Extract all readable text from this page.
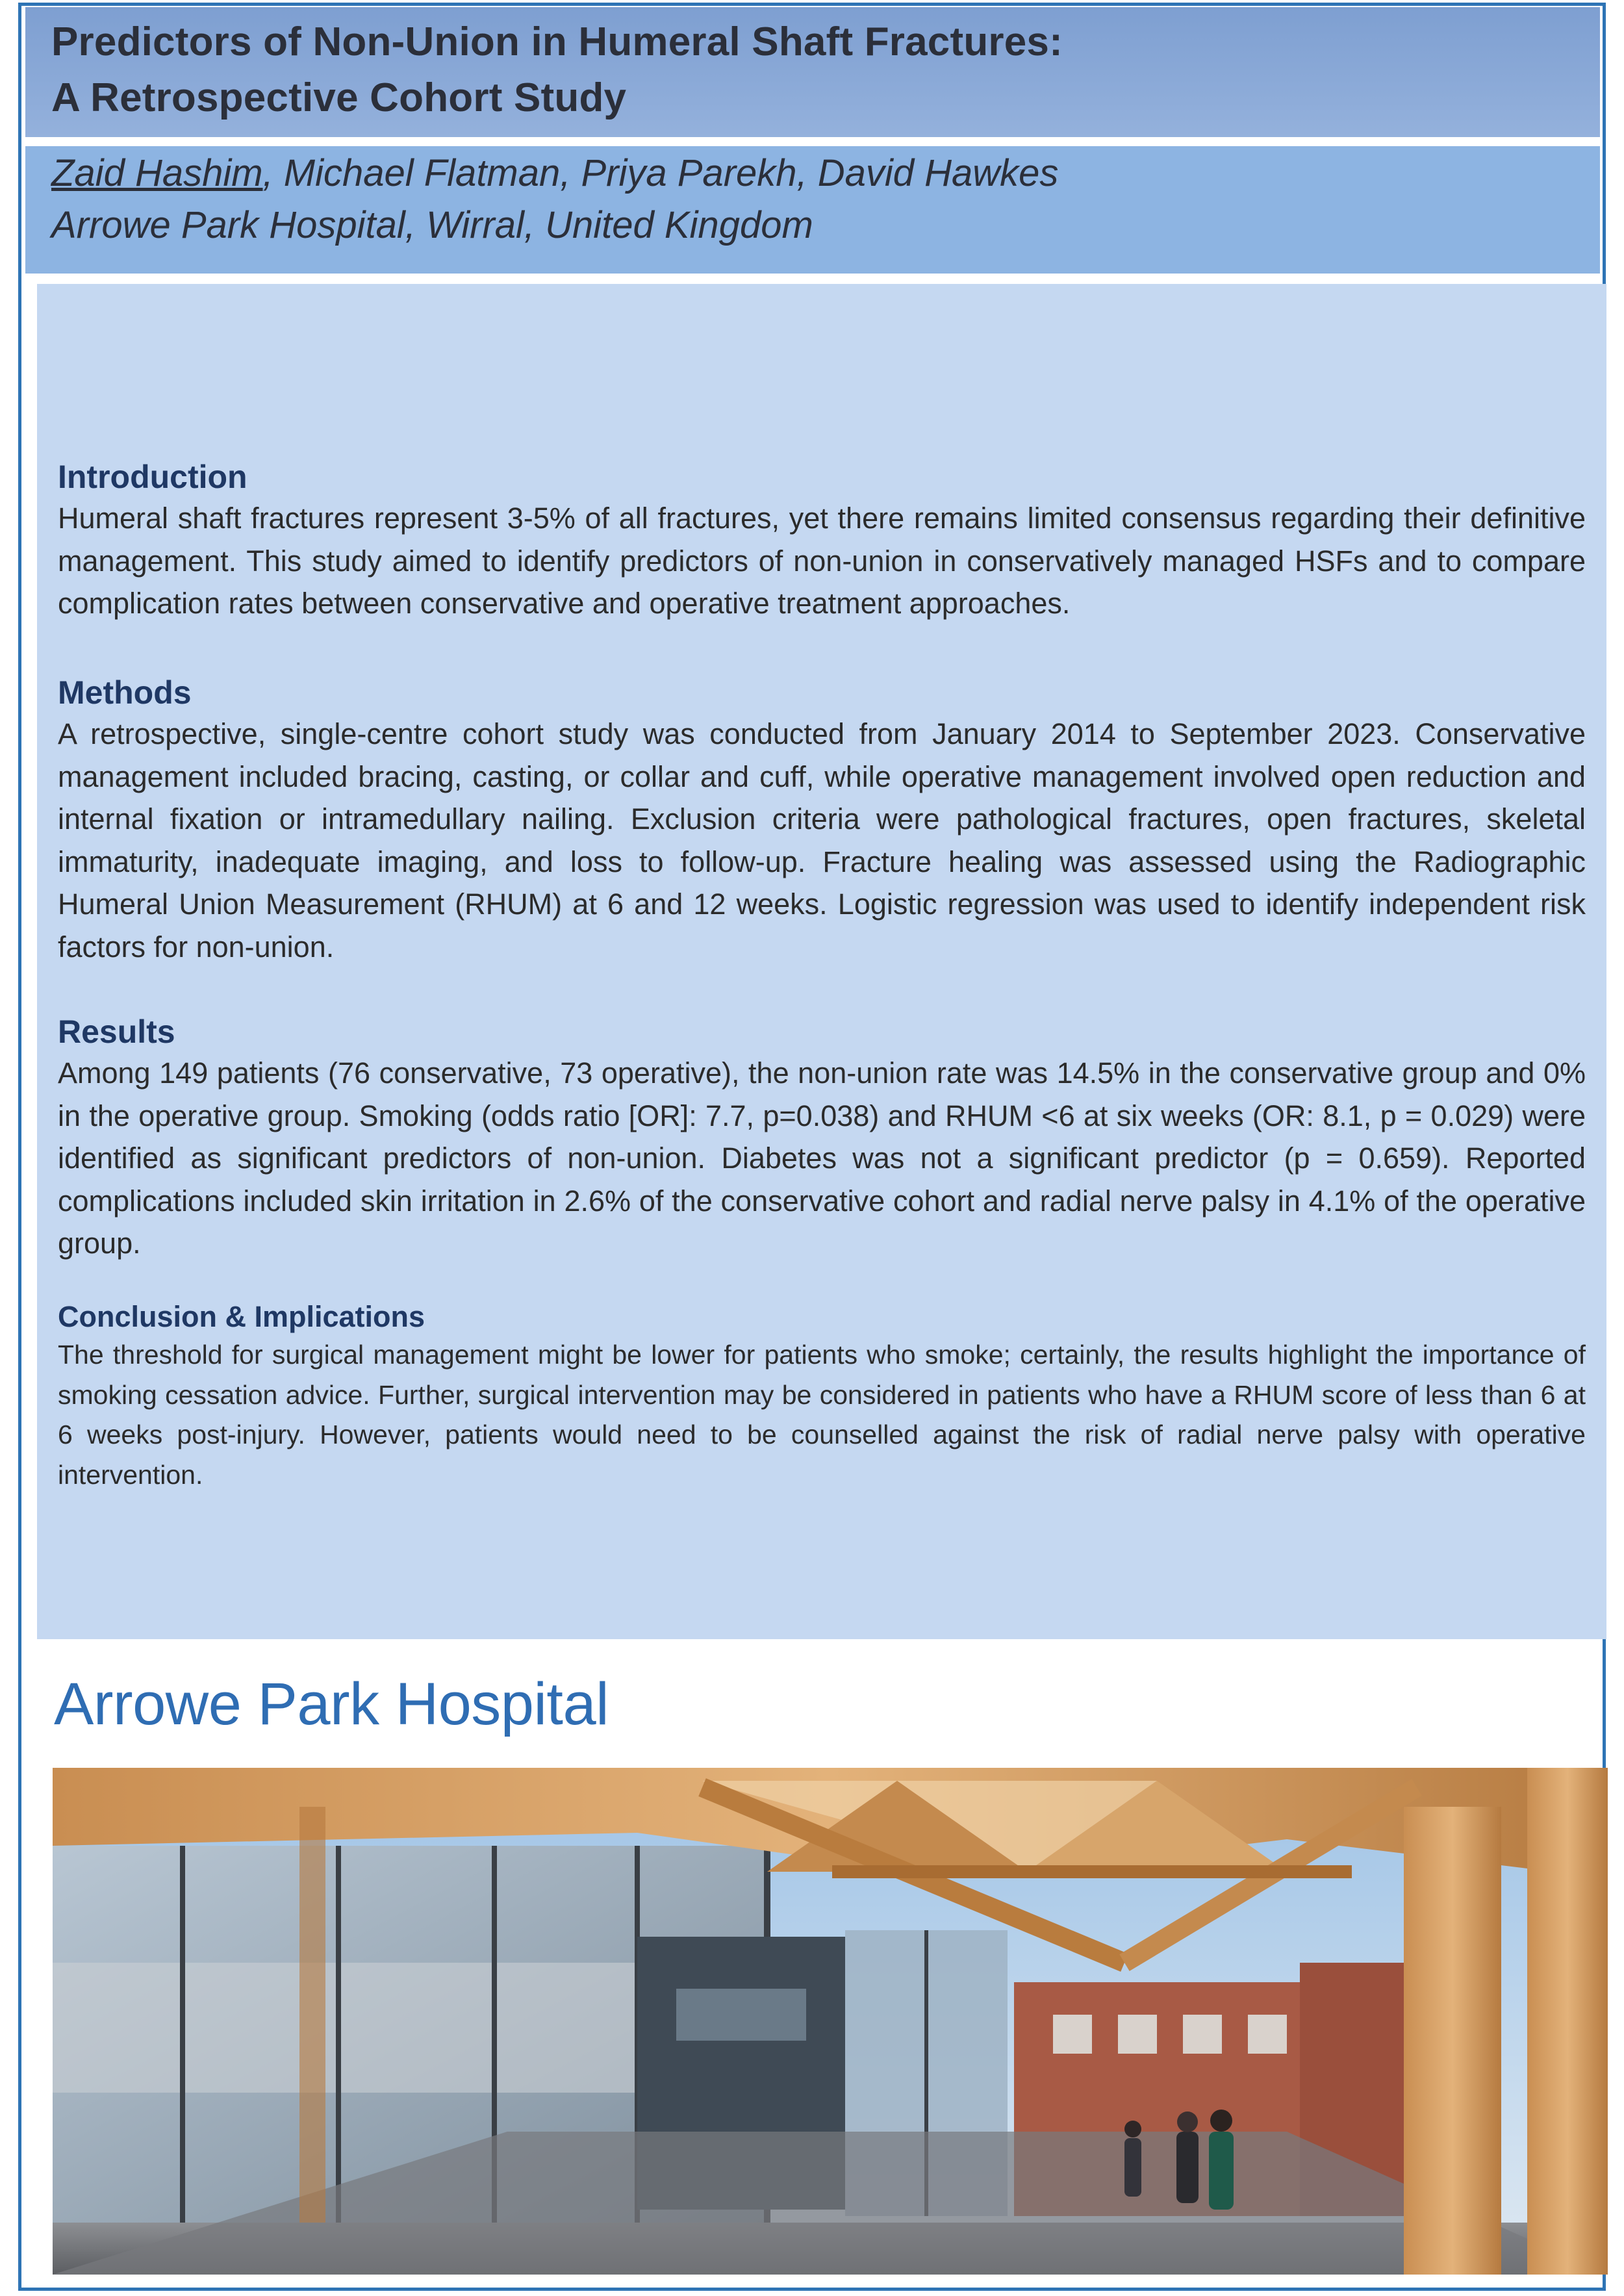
Predictors of Non-Union in Humeral Shaft Fractures:
A Retrospective Cohort Study
Zaid Hashim, Michael Flatman, Priya Parekh, David Hawkes
Arrowe Park Hospital, Wirral, United Kingdom

Introduction

Humeral shaft fractures represent 3-5% of all fractures, yet there remains limited consensus regarding their definitive management. This study aimed to identify predictors of non-union in conservatively managed HSFs and to compare complication rates between conservative and operative treatment approaches.

Methods

A retrospective, single-centre cohort study was conducted from January 2014 to September 2023. Conservative management included bracing, casting, or collar and cuff, while operative management involved open reduction and internal fixation or intramedullary nailing. Exclusion criteria were pathological fractures, open fractures, skeletal immaturity, inadequate imaging, and loss to follow-up. Fracture healing was assessed using the Radiographic Humeral Union Measurement (RHUM) at 6 and 12 weeks. Logistic regression was used to identify independent risk factors for non-union.

Results

Among 149 patients (76 conservative, 73 operative), the non-union rate was 14.5% in the conservative group and 0% in the operative group. Smoking (odds ratio [OR]: 7.7, p=0.038) and RHUM <6 at six weeks (OR: 8.1, p = 0.029) were identified as significant predictors of non-union. Diabetes was not a significant predictor (p = 0.659). Reported complications included skin irritation in 2.6% of the conservative cohort and radial nerve palsy in 4.1% of the operative group.

Conclusion & Implications

The threshold for surgical management might be lower for patients who smoke; certainly, the results highlight the importance of smoking cessation advice. Further, surgical intervention may be considered in patients who have a RHUM score of less than 6 at 6 weeks post-injury. However, patients would need to be counselled against the risk of radial nerve palsy with operative intervention.

Arrowe Park Hospital
